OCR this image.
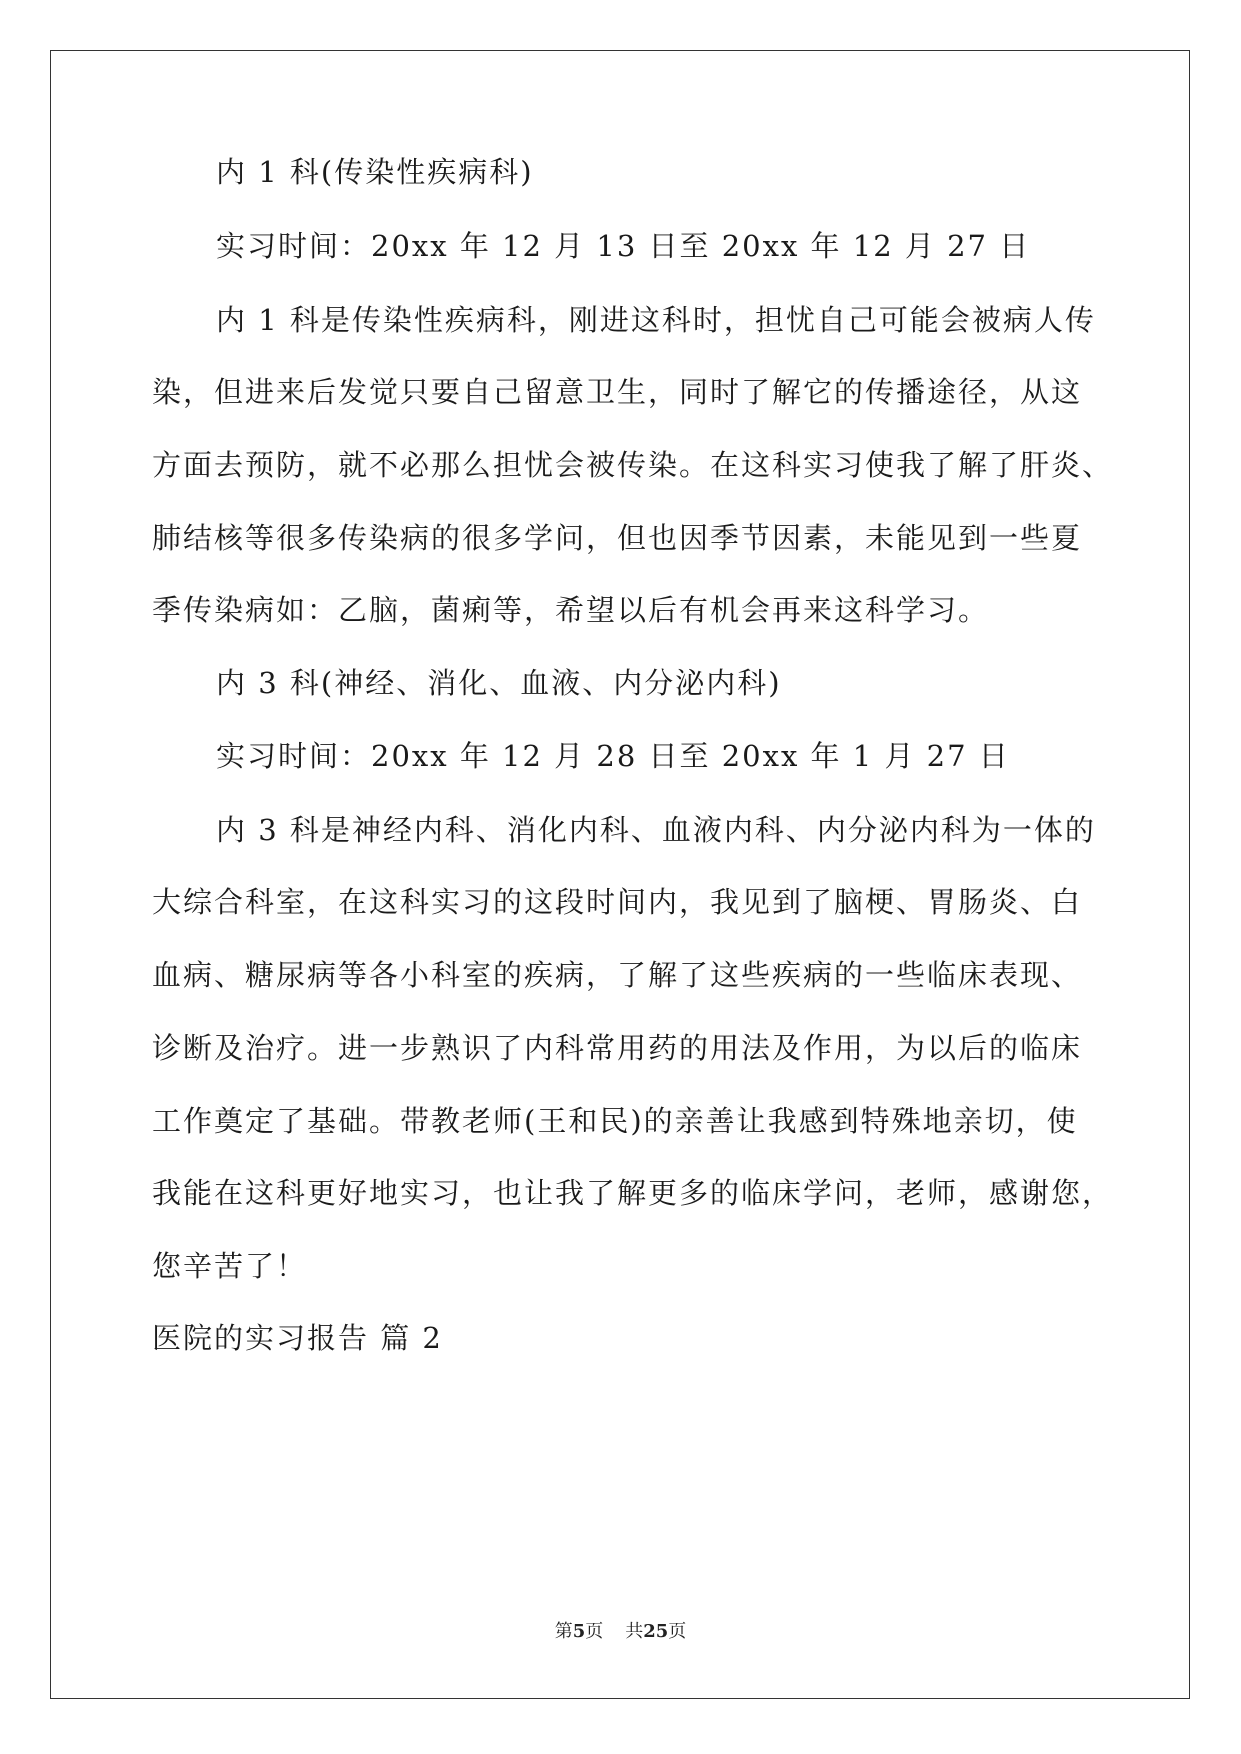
内 1 科(传染性疾病科)
实习时间：20xx 年 12 月 13 日至 20xx 年 12 月 27 日
内 1 科是传染性疾病科，刚进这科时，担忧自己可能会被病人传
染，但进来后发觉只要自己留意卫生，同时了解它的传播途径，从这
方面去预防，就不必那么担忧会被传染。在这科实习使我了解了肝炎、
肺结核等很多传染病的很多学问，但也因季节因素，未能见到一些夏
季传染病如：乙脑，菌痢等，希望以后有机会再来这科学习。
内 3 科(神经、消化、血液、内分泌内科)
实习时间：20xx 年 12 月 28 日至 20xx 年 1 月 27 日
内 3 科是神经内科、消化内科、血液内科、内分泌内科为一体的
大综合科室，在这科实习的这段时间内，我见到了脑梗、胃肠炎、白
血病、糖尿病等各小科室的疾病，了解了这些疾病的一些临床表现、
诊断及治疗。进一步熟识了内科常用药的用法及作用，为以后的临床
工作奠定了基础。带教老师(王和民)的亲善让我感到特殊地亲切，使
我能在这科更好地实习，也让我了解更多的临床学问，老师，感谢您，
您辛苦了！
医院的实习报告 篇 2
第5页 共25页
